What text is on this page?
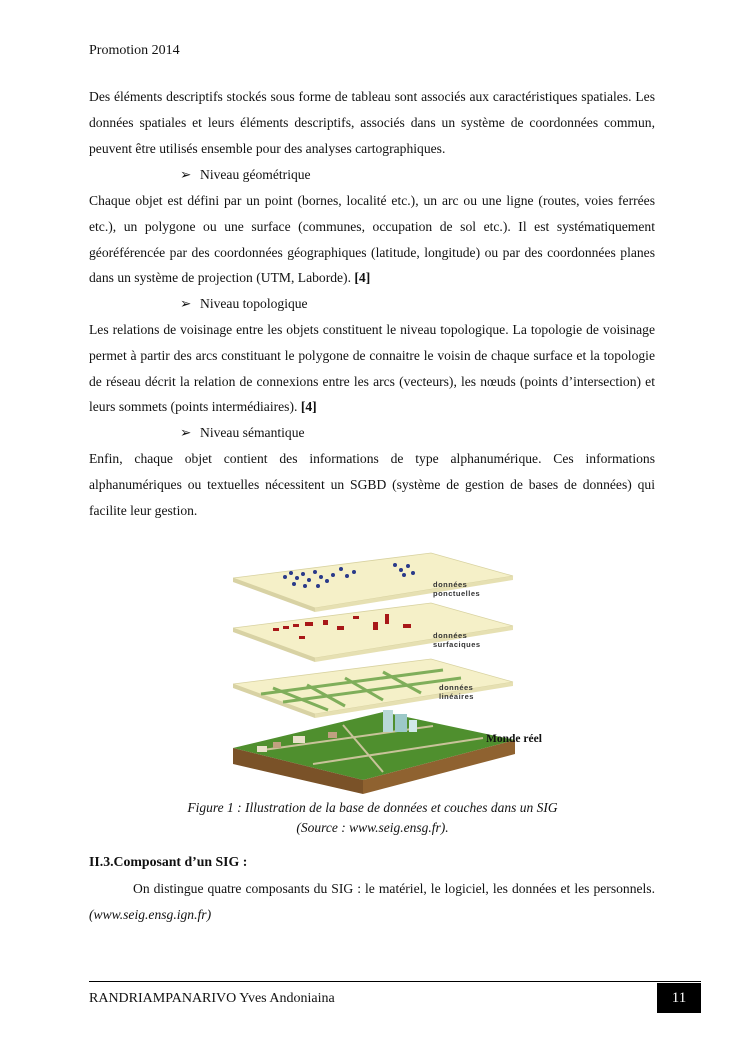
Promotion 2014

Des éléments descriptifs stockés sous forme de tableau sont associés aux caractéristiques spatiales. Les données spatiales et leurs éléments descriptifs, associés dans un système de coordonnées commun, peuvent être utilisés ensemble pour des analyses cartographiques.

➢ Niveau géométrique

Chaque objet est défini par un point (bornes, localité etc.), un arc ou une ligne (routes, voies ferrées etc.), un polygone ou une surface (communes, occupation de sol etc.). Il est systématiquement géoréférencée par des coordonnées géographiques (latitude, longitude) ou par des coordonnées planes dans un système de projection (UTM, Laborde). [4]

➢ Niveau topologique

Les relations de voisinage entre les objets constituent le niveau topologique. La topologie de voisinage permet à partir des arcs constituant le polygone de connaitre le voisin de chaque surface et la topologie de réseau décrit la relation de connexions entre les arcs (vecteurs), les nœuds (points d’intersection) et leurs sommets (points intermédiaires). [4]

➢ Niveau sémantique

Enfin, chaque objet contient des informations de type alphanumérique. Ces informations alphanumériques ou textuelles nécessitent un SGBD (système de gestion de bases de données) qui facilite leur gestion.

données
ponctuelles
données
surfaciques
données
linéaires
Monde réel
Figure 1 : Illustration de la base de données et couches dans un SIG
(Source : www.seig.ensg.fr).
II.3.Composant d’un SIG :

On distingue quatre composants du SIG : le matériel, le logiciel, les données et les personnels. (www.seig.ensg.ign.fr)

RANDRIAMPANARIVO Yves Andoniaina	11
